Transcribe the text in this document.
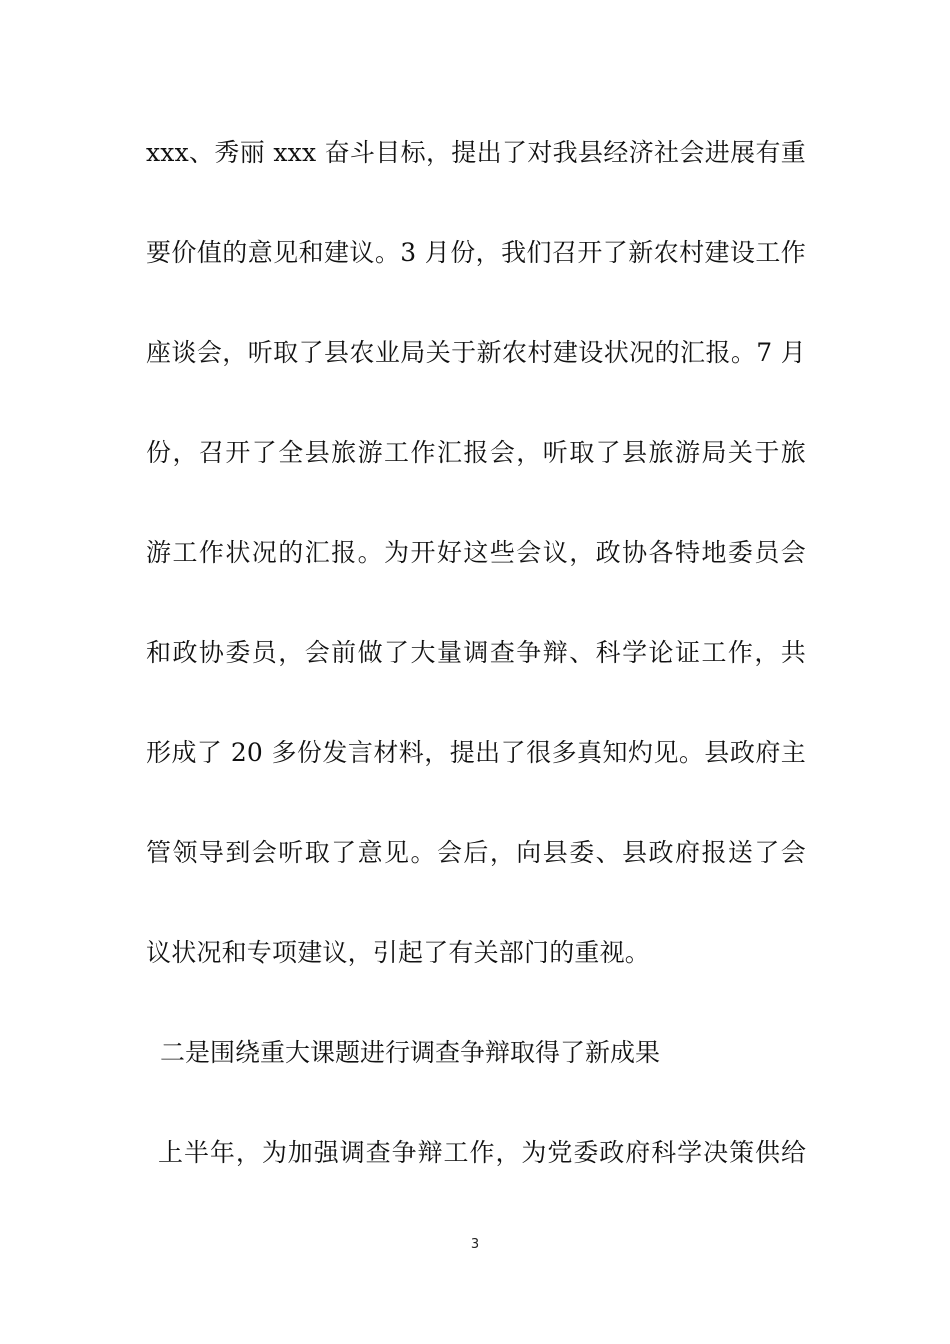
xxx、秀丽 xxx 奋斗目标，提出了对我县经济社会进展有重
要价值的意见和建议。3 月份，我们召开了新农村建设工作
座谈会，听取了县农业局关于新农村建设状况的汇报。7 月
份，召开了全县旅游工作汇报会，听取了县旅游局关于旅
游工作状况的汇报。为开好这些会议，政协各特地委员会
和政协委员，会前做了大量调查争辩、科学论证工作，共
形成了 20 多份发言材料，提出了很多真知灼见。县政府主
管领导到会听取了意见。会后，向县委、县政府报送了会
议状况和专项建议，引起了有关部门的重视。
二是围绕重大课题进行调查争辩取得了新成果
上半年，为加强调查争辩工作，为党委政府科学决策供给
3
